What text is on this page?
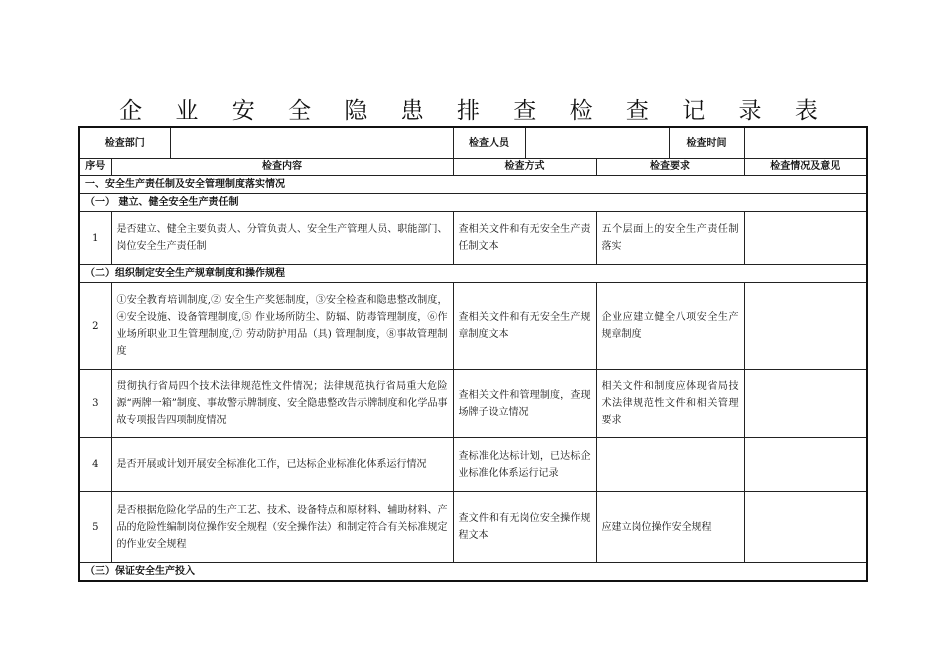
企 业 安 全 隐 患 排 查 检 查 记 录 表
检查部门			检查人员			检查时间	
序号	检查内容		检查方式		检查要求		检查情况及意见
一、安全生产责任制及安全管理制度落实情况							
（一） 建立、健全安全生产责任制							
1	是否建立、健全主要负责人、分管负责人、安全生产管理人员、职能部门、岗位安全生产责任制		查相关文件和有无安全生产责任制文本		五个层面上的安全生产责任制落实		
（二）组织制定安全生产规章制度和操作规程							
2	①安全教育培训制度,② 安全生产奖惩制度，③安全检查和隐患整改制度，④安全设施、设备管理制度,⑤ 作业场所防尘、防辐、防毒管理制度，⑥作业场所职业卫生管理制度,⑦ 劳动防护用品（具) 管理制度，⑧事故管理制度		查相关文件和有无安全生产规章制度文本		企业应建立健全八项安全生产规章制度		
3	贯彻执行省局四个技术法律规范性文件情况；法律规范执行省局重大危险源“两牌一箱”制度、事故警示牌制度、安全隐患整改告示牌制度和化学品事故专项报告四项制度情况		查相关文件和管理制度，查现场牌子设立情况		相关文件和制度应体现省局技术法律规范性文件和相关管理要求		
4	是否开展或计划开展安全标准化工作，已达标企业标准化体系运行情况		查标准化达标计划，已达标企业标准化体系运行记录				
5	是否根据危险化学品的生产工艺、技术、设备特点和原材料、辅助材料、产品的危险性编制岗位操作安全规程（安全操作法）和制定符合有关标准规定的作业安全规程		查文件和有无岗位安全操作规程文本		应建立岗位操作安全规程		
（三）保证安全生产投入							
